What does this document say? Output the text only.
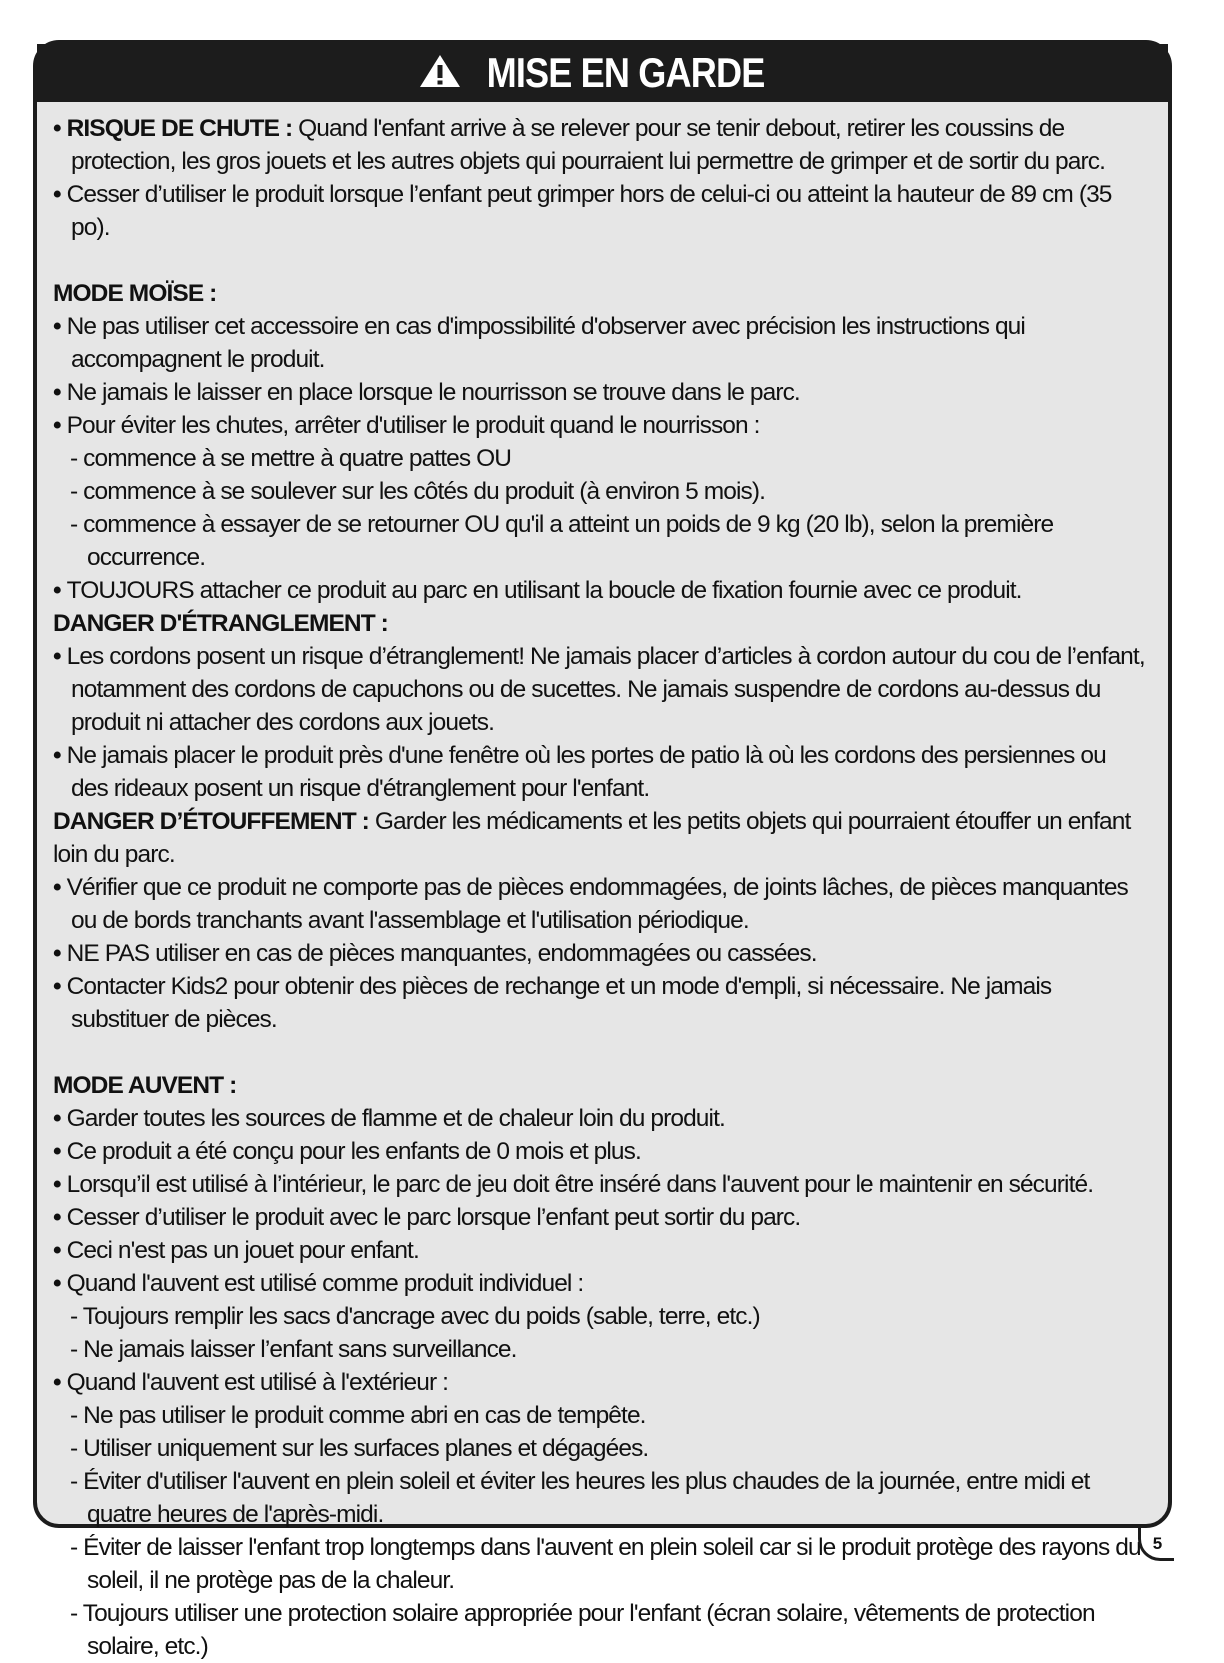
MISE EN GARDE

• RISQUE DE CHUTE : Quand l'enfant arrive à se relever pour se tenir debout, retirer les coussins de protection, les gros jouets et les autres objets qui pourraient lui permettre de grimper et de sortir du parc.

• Cesser d’utiliser le produit lorsque l’enfant peut grimper hors de celui-ci ou atteint la hauteur de 89 cm (35 po).

MODE MOÏSE :

• Ne pas utiliser cet accessoire en cas d'impossibilité d'observer avec précision les instructions qui accompagnent le produit.

• Ne jamais le laisser en place lorsque le nourrisson se trouve dans le parc.

• Pour éviter les chutes, arrêter d'utiliser le produit quand le nourrisson :

- commence à se mettre à quatre pattes OU

- commence à se soulever sur les côtés du produit (à environ 5 mois).

- commence à essayer de se retourner OU qu'il a atteint un poids de 9 kg (20 lb), selon la première occurrence.

• TOUJOURS attacher ce produit au parc en utilisant la boucle de fixation fournie avec ce produit.

DANGER D'ÉTRANGLEMENT :

• Les cordons posent un risque d’étranglement! Ne jamais placer d’articles à cordon autour du cou de l’enfant, notamment des cordons de capuchons ou de sucettes. Ne jamais suspendre de cordons au-dessus du produit ni attacher des cordons aux jouets.

• Ne jamais placer le produit près d'une fenêtre où les portes de patio là où les cordons des persiennes ou des rideaux posent un risque d'étranglement pour l'enfant.

DANGER D’ÉTOUFFEMENT : Garder les médicaments et les petits objets qui pourraient étouffer un enfant loin du parc.

• Vérifier que ce produit ne comporte pas de pièces endommagées, de joints lâches, de pièces manquantes ou de bords tranchants avant l'assemblage et l'utilisation périodique.

• NE PAS utiliser en cas de pièces manquantes, endommagées ou cassées.

• Contacter Kids2 pour obtenir des pièces de rechange et un mode d'empli, si nécessaire. Ne jamais substituer de pièces.

MODE AUVENT :

• Garder toutes les sources de flamme et de chaleur loin du produit.

• Ce produit a été conçu pour les enfants de 0 mois et plus.

• Lorsqu’il est utilisé à l’intérieur, le parc de jeu doit être inséré dans l'auvent pour le maintenir en sécurité.

• Cesser d’utiliser le produit avec le parc lorsque l’enfant peut sortir du parc.

• Ceci n'est pas un jouet pour enfant.

• Quand l'auvent est utilisé comme produit individuel :

- Toujours remplir les sacs d'ancrage avec du poids (sable, terre, etc.)

- Ne jamais laisser l’enfant sans surveillance.

• Quand l'auvent est utilisé à l'extérieur :

- Ne pas utiliser le produit comme abri en cas de tempête.

- Utiliser uniquement sur les surfaces planes et dégagées.

- Éviter d'utiliser l'auvent en plein soleil et éviter les heures les plus chaudes de la journée, entre midi et quatre heures de l'après-midi.

- Éviter de laisser l'enfant trop longtemps dans l'auvent en plein soleil car si le produit protège des rayons du soleil, il ne protège pas de la chaleur.

- Toujours utiliser une protection solaire appropriée pour l'enfant (écran solaire, vêtements de protection solaire, etc.)

5
